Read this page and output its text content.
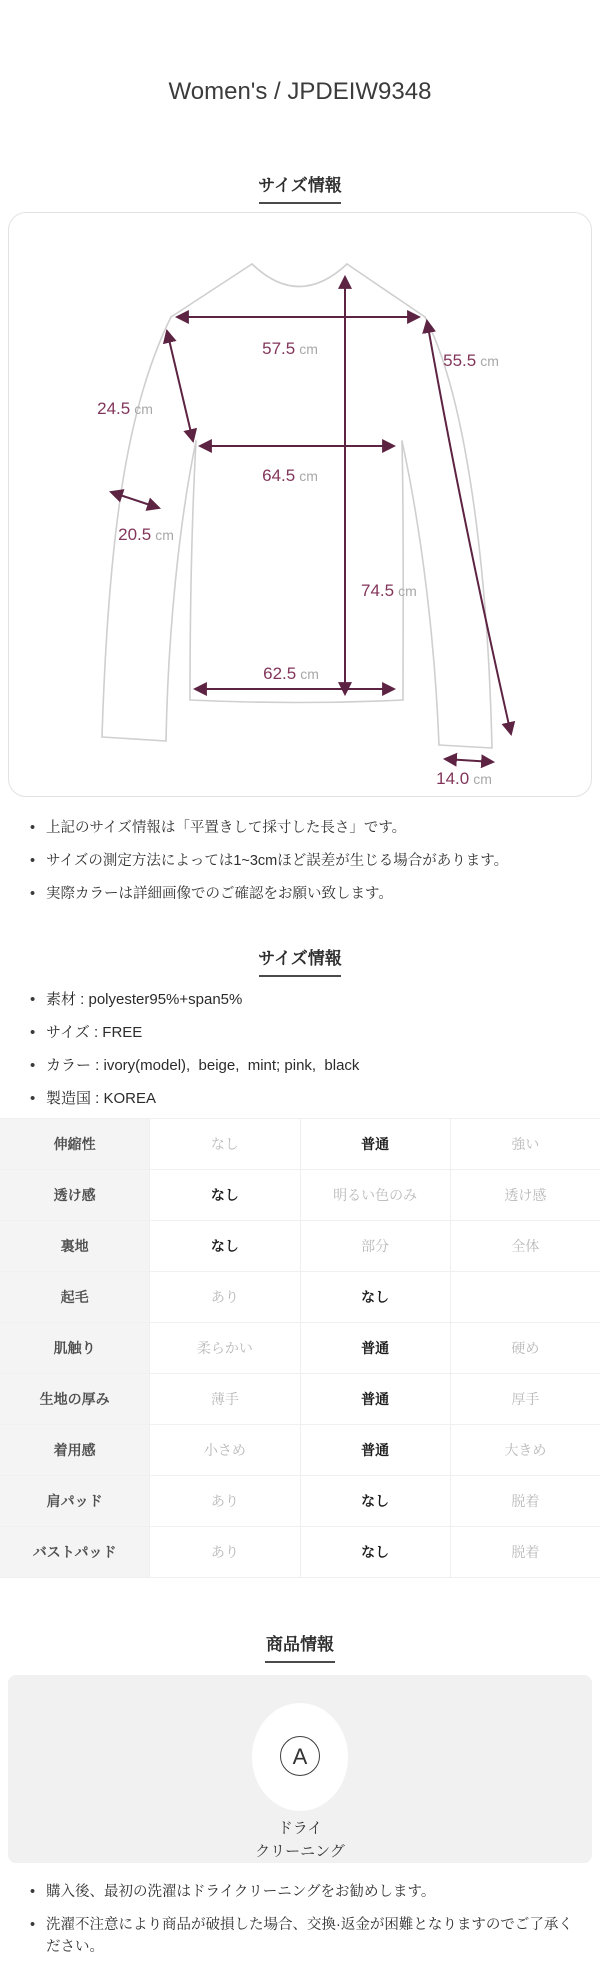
Women's / JPDEIW9348
サイズ情報
57.5 cm
55.5 cm
24.5 cm
64.5 cm
20.5 cm
74.5 cm
62.5 cm
14.0 cm
• 上記のサイズ情報は「平置きして採寸した長さ」です。
• サイズの測定方法によっては1~3cmほど誤差が生じる場合があります。
• 実際カラーは詳細画像でのご確認をお願い致します。
サイズ情報
• 素材 : polyester95%+span5%
• サイズ : FREE
• カラー : ivory(model),  beige,  mint; pink,  black
• 製造国 : KOREA
伸縮性	なし	普通	強い
透け感	なし	明るい色のみ	透け感
裏地	なし	部分	全体
起毛	あり	なし
肌触り	柔らかい	普通	硬め
生地の厚み	薄手	普通	厚手
着用感	小さめ	普通	大きめ
肩パッド	あり	なし	脱着
バストパッド	あり	なし	脱着
商品情報
A
ドライ
クリーニング
• 購入後、最初の洗濯はドライクリーニングをお勧めします。
• 洗濯不注意により商品が破損した場合、交換·返金が困難となりますのでご了承ください。
